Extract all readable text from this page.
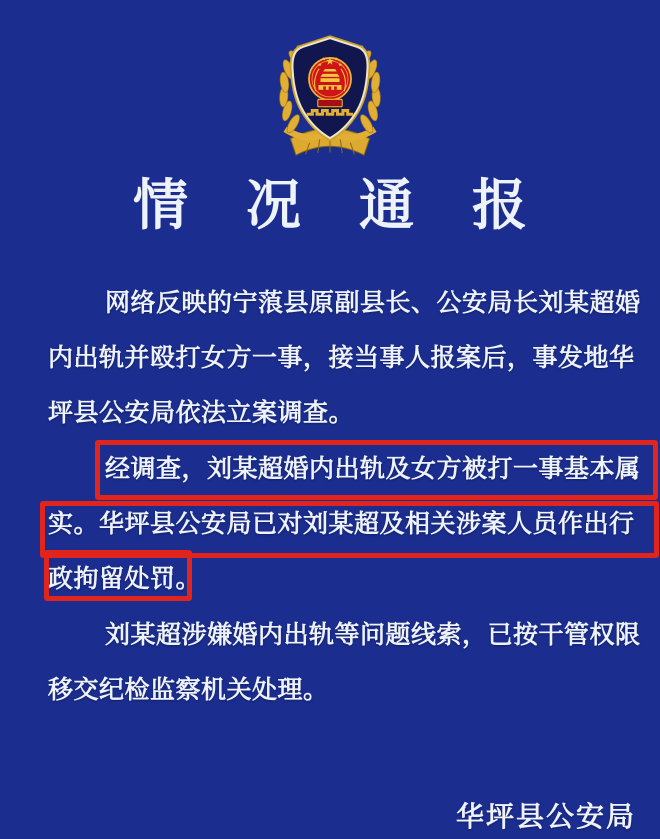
情况通报
网络反映的宁蒗县原副县长、公安局长刘某超婚
内出轨并殴打女方一事，接当事人报案后，事发地华
坪县公安局依法立案调查。
经调查，刘某超婚内出轨及女方被打一事基本属
实。华坪县公安局已对刘某超及相关涉案人员作出行
政拘留处罚。
刘某超涉嫌婚内出轨等问题线索，已按干管权限
移交纪检监察机关处理。
华坪县公安局
